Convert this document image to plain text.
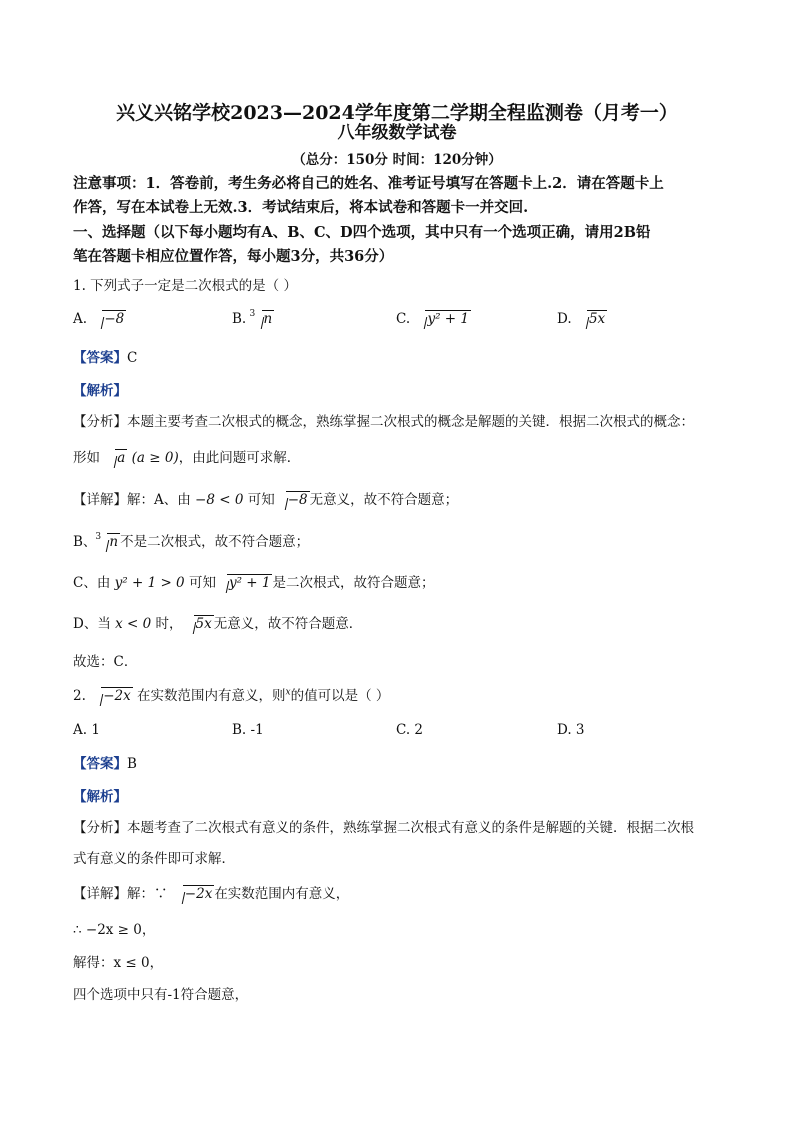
兴义兴铭学校2023—2024学年度第二学期全程监测卷（月考一）
八年级数学试卷
（总分：150分 时间：120分钟）
注意事项：1．答卷前，考生务必将自己的姓名、准考证号填写在答题卡上.2．请在答题卡上
作答，写在本试卷上无效.3．考试结束后，将本试卷和答题卡一并交回.
一、选择题（以下每小题均有A、B、C、D四个选项，其中只有一个选项正确，请用2B铅
笔在答题卡相应位置作答，每小题3分，共36分）
1. 下列式子一定是二次根式的是（ ）
A. −8	B. 3 n	C. y² + 1	D. 5x
【答案】C
【解析】
【分析】本题主要考查二次根式的概念，熟练掌握二次根式的概念是解题的关键．根据二次根式的概念：
形如 a (a ≥ 0)，由此问题可求解．
【详解】解：A、由 −8 < 0 可知 −8 无意义，故不符合题意；
B、 3 n 不是二次根式，故不符合题意；
C、由 y² + 1 > 0 可知 y² + 1 是二次根式，故符合题意；
D、当 x < 0 时， 5x 无意义，故不符合题意．
故选：C．
2. −2x 在实数范围内有意义，则$^x$的值可以是（ ）
A. 1	B. -1	C. 2	D. 3
【答案】B
【解析】
【分析】本题考查了二次根式有意义的条件，熟练掌握二次根式有意义的条件是解题的关键．根据二次根
式有意义的条件即可求解．
【详解】解：∵ −2x 在实数范围内有意义，
∴ −2x ≥ 0，
解得：x ≤ 0，
四个选项中只有-1符合题意，
